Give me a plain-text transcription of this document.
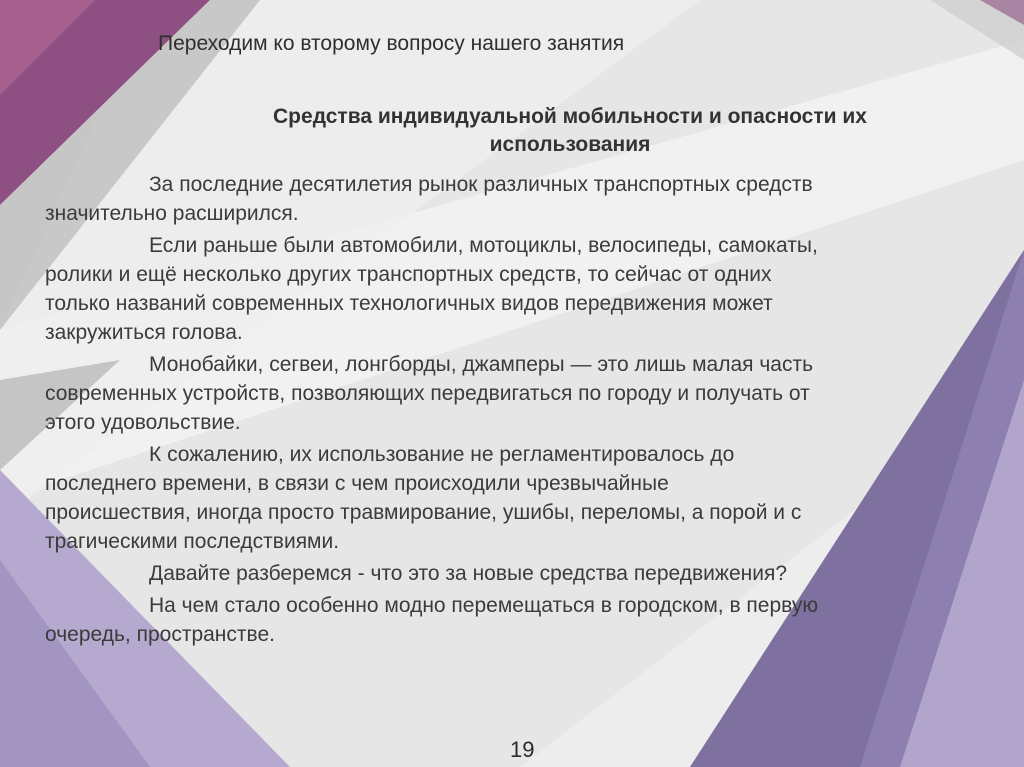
Переходим ко второму вопросу нашего занятия
Средства индивидуальной мобильности и опасности их
использования
За последние десятилетия рынок различных транспортных средств
значительно расширился.
Если раньше были автомобили, мотоциклы, велосипеды, самокаты,
ролики и ещё несколько других транспортных средств, то сейчас от одних
только названий современных технологичных видов передвижения может
закружиться голова.
Монобайки, сегвеи, лонгборды, джамперы — это лишь малая часть
современных устройств, позволяющих передвигаться по городу и получать от
этого удовольствие.
К сожалению, их использование не регламентировалось до
последнего времени, в связи с чем происходили чрезвычайные
происшествия, иногда просто травмирование, ушибы, переломы, а порой и с
трагическими последствиями.
Давайте разберемся - что это за новые средства передвижения?
На чем стало особенно модно перемещаться в городском, в первую
очередь, пространстве.
19
